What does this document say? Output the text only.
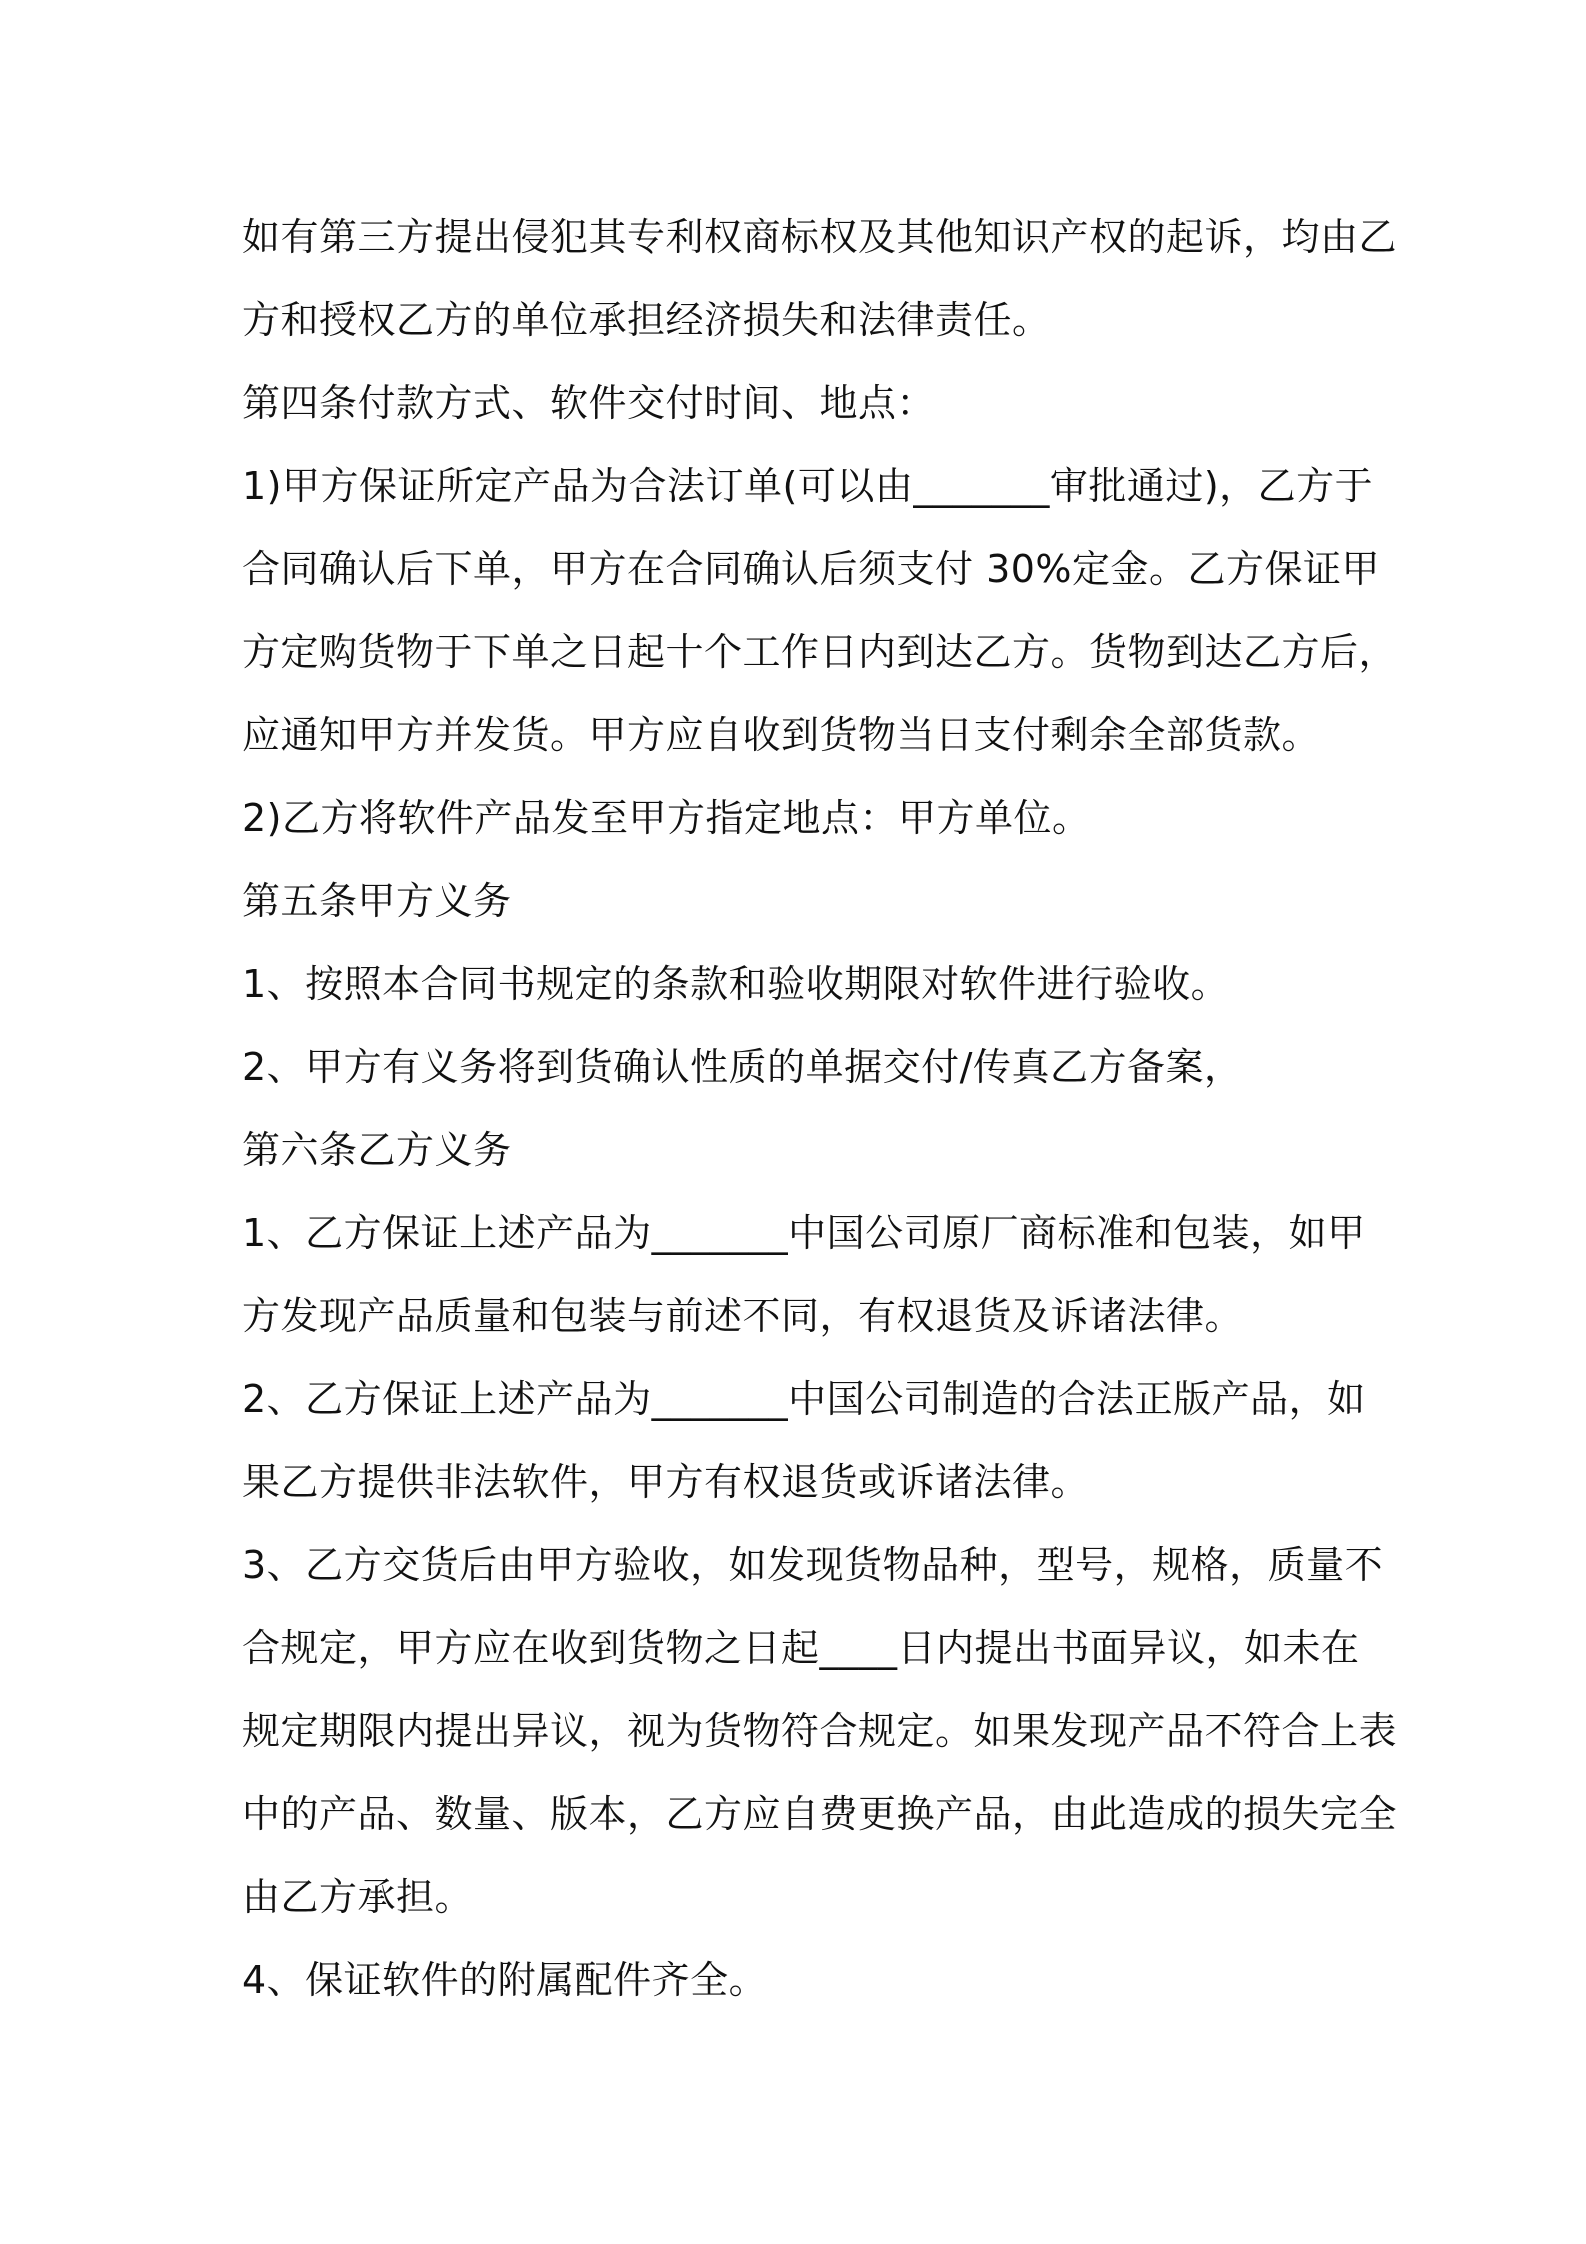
如有第三方提出侵犯其专利权商标权及其他知识产权的起诉，均由乙

方和授权乙方的单位承担经济损失和法律责任。

第四条付款方式、软件交付时间、地点：

1)甲方保证所定产品为合法订单(可以由_______审批通过)，乙方于

合同确认后下单，甲方在合同确认后须支付 30%定金。乙方保证甲

方定购货物于下单之日起十个工作日内到达乙方。货物到达乙方后，

应通知甲方并发货。甲方应自收到货物当日支付剩余全部货款。

2)乙方将软件产品发至甲方指定地点：甲方单位。

第五条甲方义务

1、按照本合同书规定的条款和验收期限对软件进行验收。

2、甲方有义务将到货确认性质的单据交付/传真乙方备案，

第六条乙方义务

1、乙方保证上述产品为_______中国公司原厂商标准和包装，如甲

方发现产品质量和包装与前述不同，有权退货及诉诸法律。

2、乙方保证上述产品为_______中国公司制造的合法正版产品，如

果乙方提供非法软件，甲方有权退货或诉诸法律。

3、乙方交货后由甲方验收，如发现货物品种，型号，规格，质量不

合规定，甲方应在收到货物之日起____日内提出书面异议，如未在

规定期限内提出异议，视为货物符合规定。如果发现产品不符合上表

中的产品、数量、版本，乙方应自费更换产品，由此造成的损失完全

由乙方承担。

4、保证软件的附属配件齐全。
